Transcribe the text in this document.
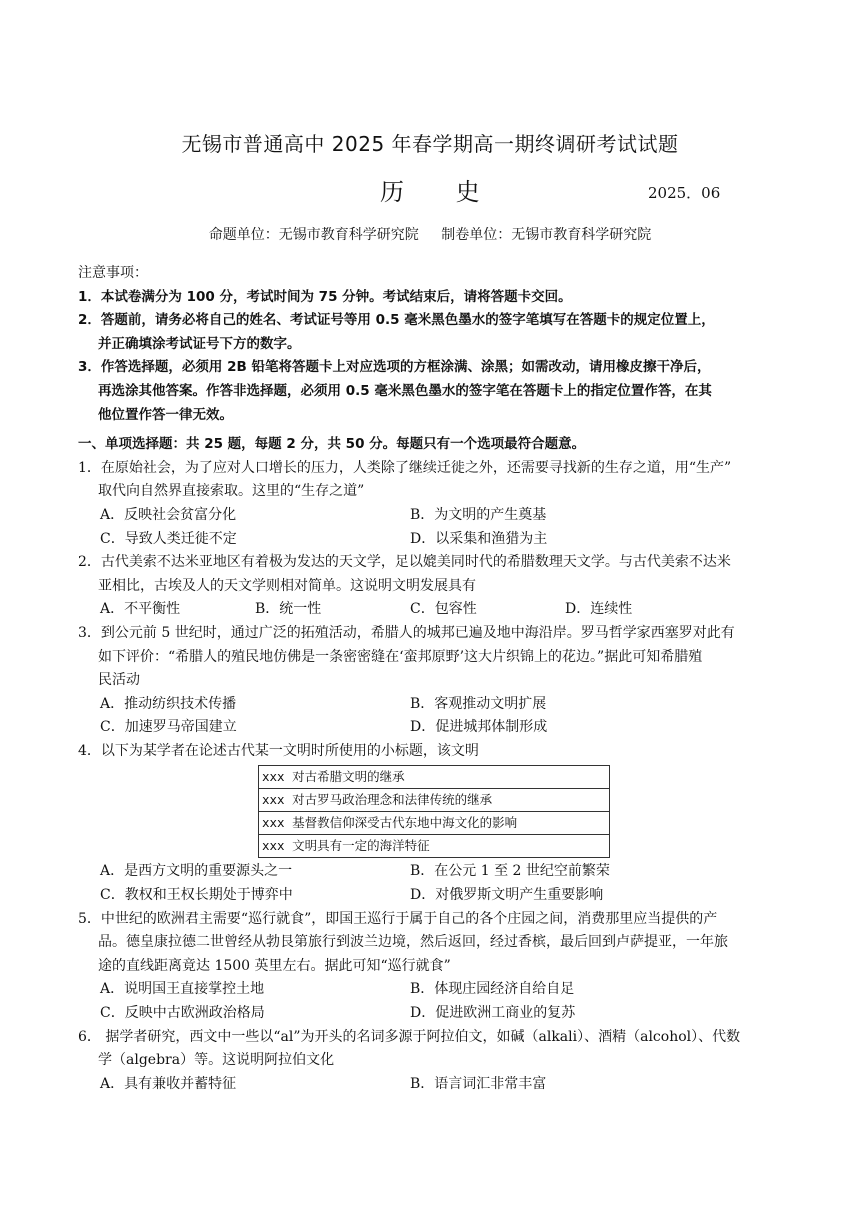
无锡市普通高中 2025 年春学期高一期终调研考试试题
历 史	2025．06
命题单位：无锡市教育科学研究院 制卷单位：无锡市教育科学研究院
注意事项：
1．本试卷满分为 100 分，考试时间为 75 分钟。考试结束后，请将答题卡交回。
2．答题前，请务必将自己的姓名、考试证号等用 0.5 毫米黑色墨水的签字笔填写在答题卡的规定位置上，
并正确填涂考试证号下方的数字。
3．作答选择题，必须用 2B 铅笔将答题卡上对应选项的方框涂满、涂黑；如需改动，请用橡皮擦干净后，
再选涂其他答案。作答非选择题，必须用 0.5 毫米黑色墨水的签字笔在答题卡上的指定位置作答，在其
他位置作答一律无效。
一、单项选择题：共 25 题，每题 2 分，共 50 分。每题只有一个选项最符合题意。
1．在原始社会，为了应对人口增长的压力，人类除了继续迁徙之外，还需要寻找新的生存之道，用“生产”
取代向自然界直接索取。这里的“生存之道”
A．反映社会贫富分化	B．为文明的产生奠基
C．导致人类迁徙不定	D．以采集和渔猎为主
2．古代美索不达米亚地区有着极为发达的天文学，足以媲美同时代的希腊数理天文学。与古代美索不达米
亚相比，古埃及人的天文学则相对简单。这说明文明发展具有
A．不平衡性	B．统一性	C．包容性	D．连续性
3．到公元前 5 世纪时，通过广泛的拓殖活动，希腊人的城邦已遍及地中海沿岸。罗马哲学家西塞罗对此有
如下评价：“希腊人的殖民地仿佛是一条密密缝在‘蛮邦原野’这大片织锦上的花边。”据此可知希腊殖
民活动
A．推动纺织技术传播	B．客观推动文明扩展
C．加速罗马帝国建立	D．促进城邦体制形成
4．以下为某学者在论述古代某一文明时所使用的小标题，该文明
xxx 对古希腊文明的继承
xxx 对古罗马政治理念和法律传统的继承
xxx 基督教信仰深受古代东地中海文化的影响
xxx 文明具有一定的海洋特征
A．是西方文明的重要源头之一	B．在公元 1 至 2 世纪空前繁荣
C．教权和王权长期处于博弈中	D．对俄罗斯文明产生重要影响
5．中世纪的欧洲君主需要“巡行就食”，即国王巡行于属于自己的各个庄园之间，消费那里应当提供的产
品。德皇康拉德二世曾经从勃艮第旅行到波兰边境，然后返回，经过香槟，最后回到卢萨提亚，一年旅
途的直线距离竟达 1500 英里左右。据此可知“巡行就食”
A．说明国王直接掌控土地	B．体现庄园经济自给自足
C．反映中古欧洲政治格局	D．促进欧洲工商业的复苏
6． 据学者研究，西文中一些以“al”为开头的名词多源于阿拉伯文，如碱（alkali）、酒精（alcohol）、代数
学（algebra）等。这说明阿拉伯文化
A．具有兼收并蓄特征	B．语言词汇非常丰富
